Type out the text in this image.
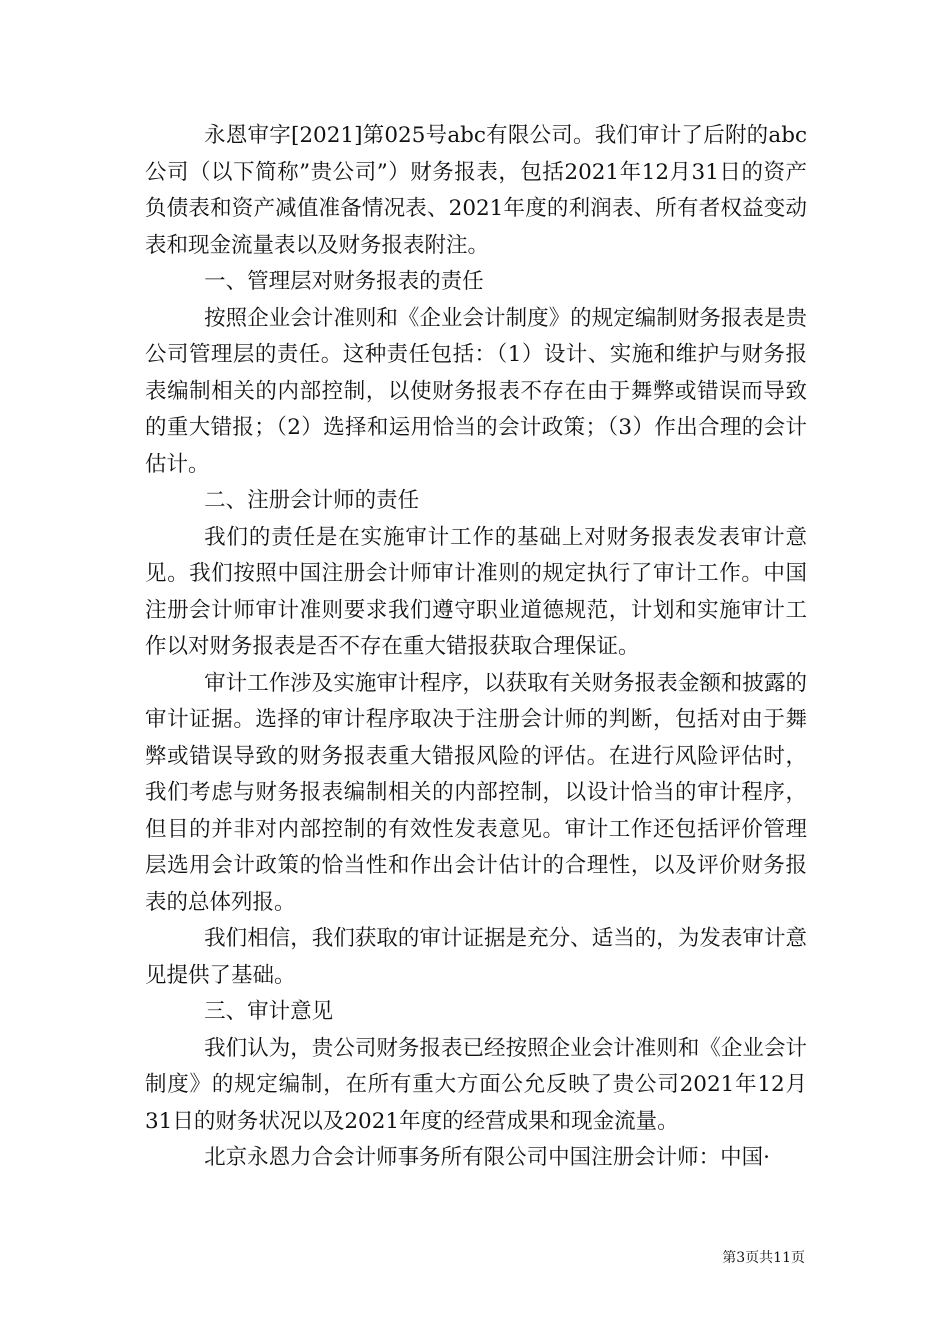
永恩审字[2021]第025号abc有限公司。我们审计了后附的abc公司（以下简称”贵公司”）财务报表，包括2021年12月31日的资产负债表和资产减值准备情况表、2021年度的利润表、所有者权益变动表和现金流量表以及财务报表附注。

一、管理层对财务报表的责任

按照企业会计准则和《企业会计制度》的规定编制财务报表是贵公司管理层的责任。这种责任包括：（1）设计、实施和维护与财务报表编制相关的内部控制，以使财务报表不存在由于舞弊或错误而导致的重大错报；（2）选择和运用恰当的会计政策；（3）作出合理的会计估计。

二、注册会计师的责任

我们的责任是在实施审计工作的基础上对财务报表发表审计意见。我们按照中国注册会计师审计准则的规定执行了审计工作。中国注册会计师审计准则要求我们遵守职业道德规范，计划和实施审计工作以对财务报表是否不存在重大错报获取合理保证。

审计工作涉及实施审计程序，以获取有关财务报表金额和披露的审计证据。选择的审计程序取决于注册会计师的判断，包括对由于舞弊或错误导致的财务报表重大错报风险的评估。在进行风险评估时，我们考虑与财务报表编制相关的内部控制，以设计恰当的审计程序，但目的并非对内部控制的有效性发表意见。审计工作还包括评价管理层选用会计政策的恰当性和作出会计估计的合理性，以及评价财务报表的总体列报。

我们相信，我们获取的审计证据是充分、适当的，为发表审计意见提供了基础。

三、审计意见

我们认为，贵公司财务报表已经按照企业会计准则和《企业会计制度》的规定编制，在所有重大方面公允反映了贵公司2021年12月31日的财务状况以及2021年度的经营成果和现金流量。

北京永恩力合会计师事务所有限公司中国注册会计师：中国·

第3页共11页
